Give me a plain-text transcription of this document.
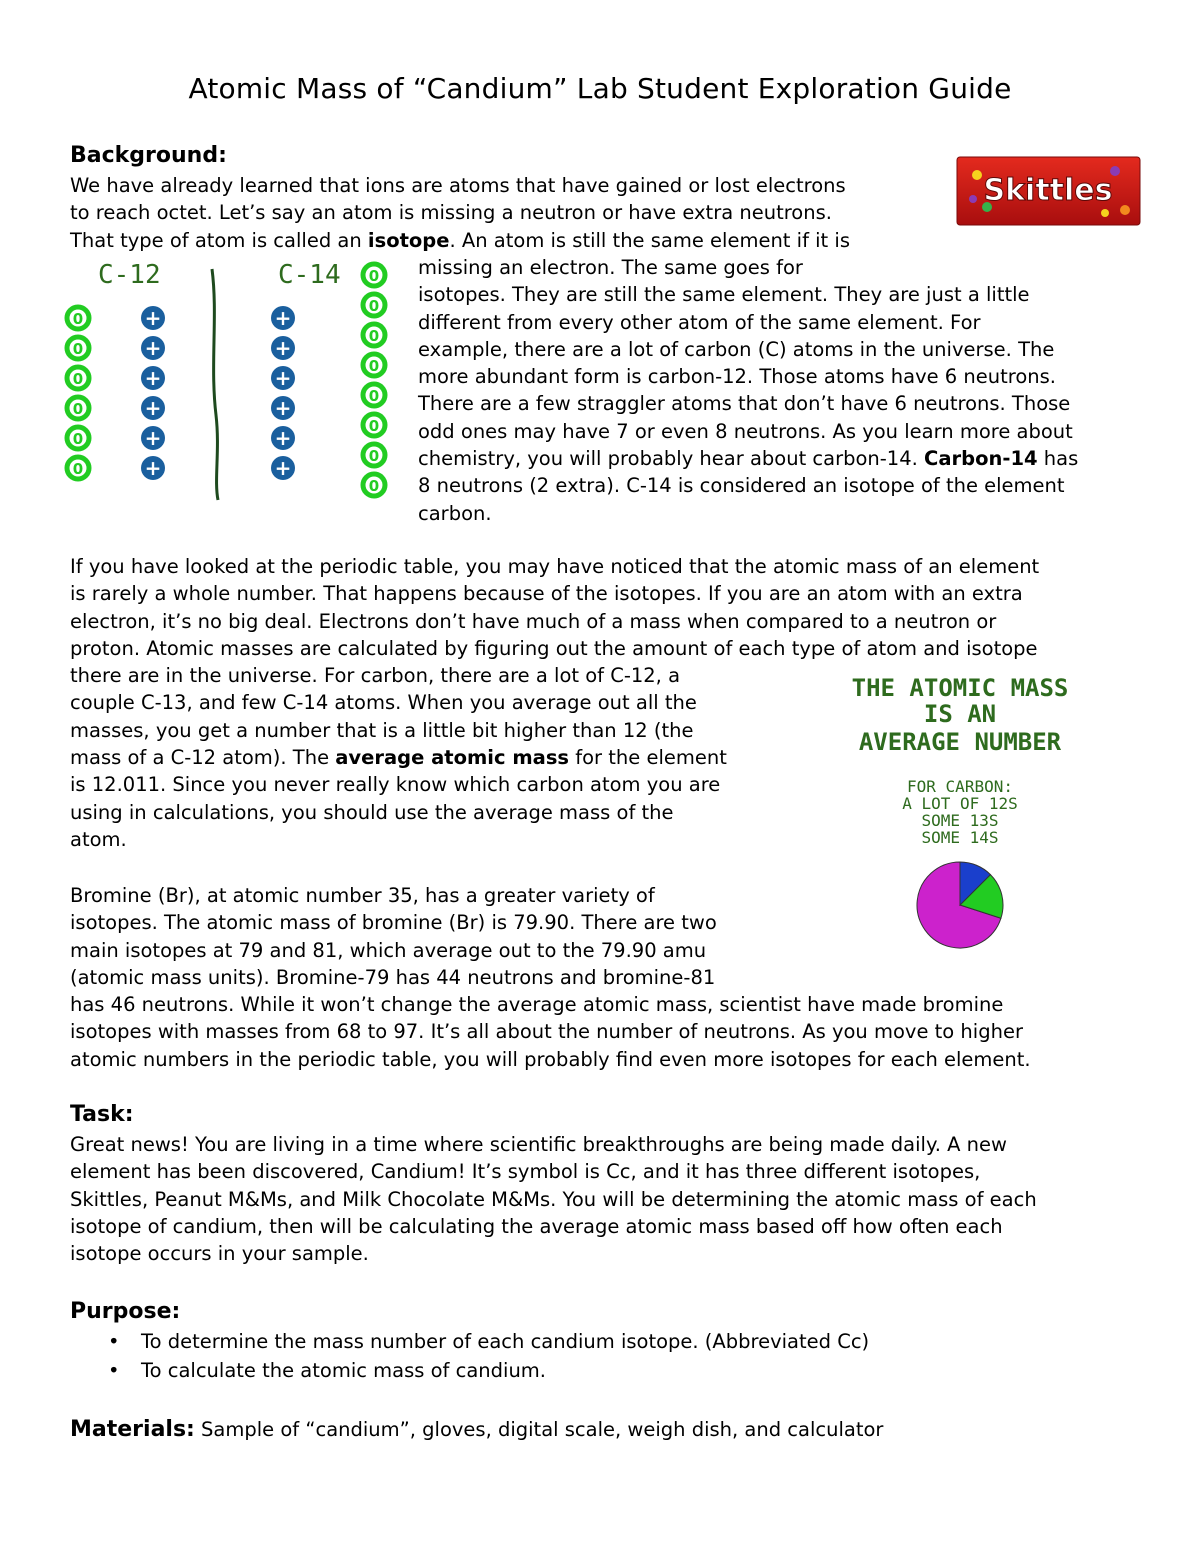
Atomic Mass of “Candium” Lab Student Exploration Guide
Background:
We have already learned that ions are atoms that have gained or lost electrons
to reach octet. Let’s say an atom is missing a neutron or have extra neutrons.
That type of atom is called an isotope. An atom is still the same element if it is
Skittles
C-12	C-14
0
0
0
0
0
0
+
+
+
+
+
+
+
+
+
+
+
+
0
0
0
0
0
0
0
0
missing an electron. The same goes for
isotopes. They are still the same element. They are just a little
different from every other atom of the same element. For
example, there are a lot of carbon (C) atoms in the universe. The
more abundant form is carbon-12. Those atoms have 6 neutrons.
There are a few straggler atoms that don’t have 6 neutrons. Those
odd ones may have 7 or even 8 neutrons. As you learn more about
chemistry, you will probably hear about carbon-14. Carbon-14 has
8 neutrons (2 extra). C-14 is considered an isotope of the element
carbon.
If you have looked at the periodic table, you may have noticed that the atomic mass of an element
is rarely a whole number. That happens because of the isotopes. If you are an atom with an extra
electron, it’s no big deal. Electrons don’t have much of a mass when compared to a neutron or
proton. Atomic masses are calculated by figuring out the amount of each type of atom and isotope
there are in the universe. For carbon, there are a lot of C-12, a
couple C-13, and few C-14 atoms. When you average out all the
masses, you get a number that is a little bit higher than 12 (the
mass of a C-12 atom). The average atomic mass for the element
is 12.011. Since you never really know which carbon atom you are
using in calculations, you should use the average mass of the
atom.
THE ATOMIC MASS
IS AN
AVERAGE NUMBER
FOR CARBON:
A LOT OF 12S
SOME 13S
SOME 14S
Bromine (Br), at atomic number 35, has a greater variety of
isotopes. The atomic mass of bromine (Br) is 79.90. There are two
main isotopes at 79 and 81, which average out to the 79.90 amu
(atomic mass units). Bromine-79 has 44 neutrons and bromine-81
has 46 neutrons. While it won’t change the average atomic mass, scientist have made bromine
isotopes with masses from 68 to 97. It’s all about the number of neutrons. As you move to higher
atomic numbers in the periodic table, you will probably find even more isotopes for each element.
Task:
Great news! You are living in a time where scientific breakthroughs are being made daily. A new
element has been discovered, Candium! It’s symbol is Cc, and it has three different isotopes,
Skittles, Peanut M&Ms, and Milk Chocolate M&Ms. You will be determining the atomic mass of each
isotope of candium, then will be calculating the average atomic mass based off how often each
isotope occurs in your sample.
Purpose:
• To determine the mass number of each candium isotope. (Abbreviated Cc)
• To calculate the atomic mass of candium.
Materials: Sample of “candium”, gloves, digital scale, weigh dish, and calculator
